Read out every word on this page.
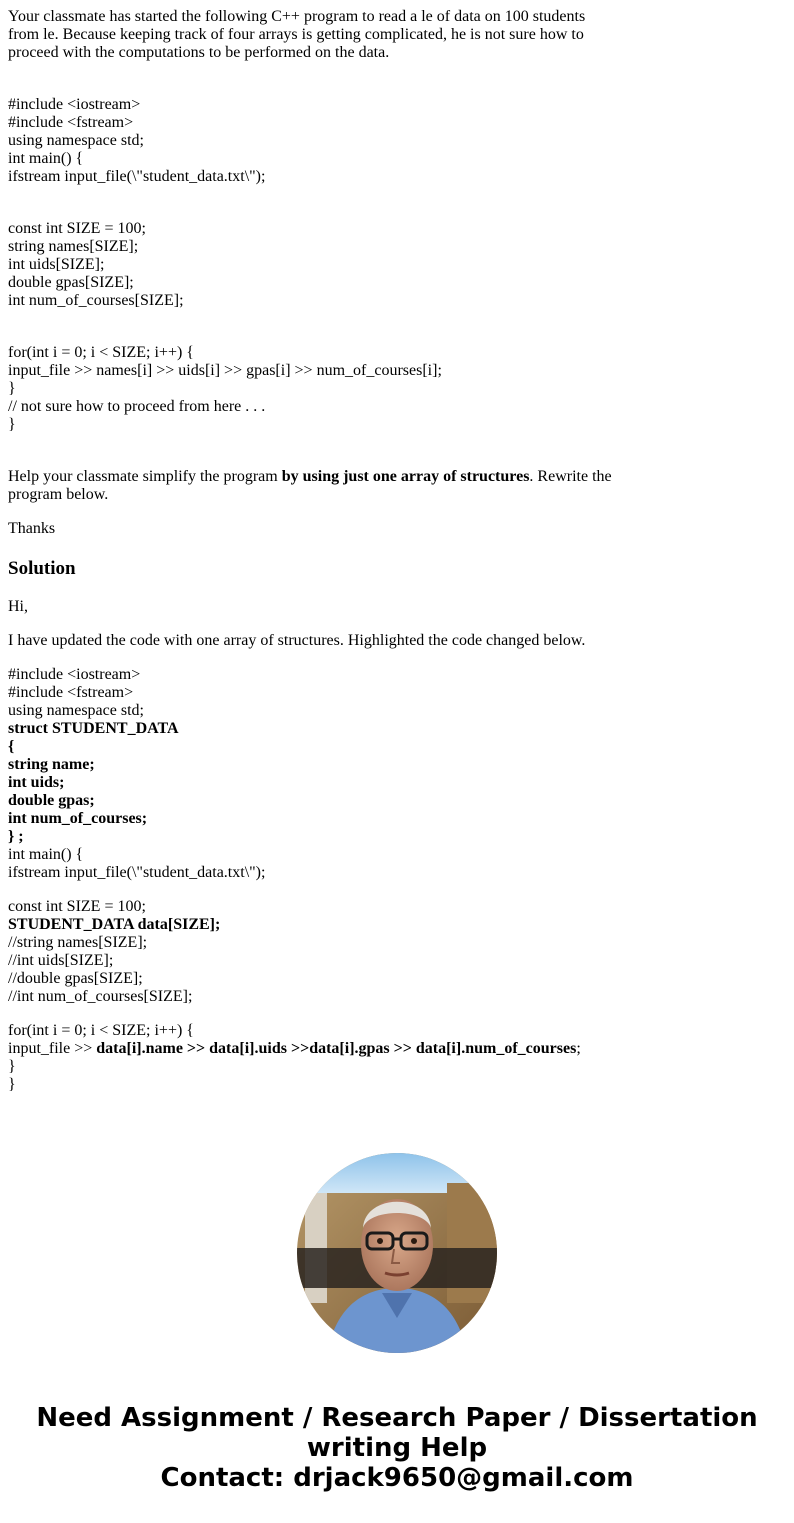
Your classmate has started the following C++ program to read a le of data on 100 students
from le. Because keeping track of four arrays is getting complicated, he is not sure how to
proceed with the computations to be performed on the data.
#include <iostream>
#include <fstream>
using namespace std;
int main() {
ifstream input_file(\"student_data.txt\");
const int SIZE = 100;
string names[SIZE];
int uids[SIZE];
double gpas[SIZE];
int num_of_courses[SIZE];
for(int i = 0; i < SIZE; i++) {
input_file >> names[i] >> uids[i] >> gpas[i] >> num_of_courses[i];
}
// not sure how to proceed from here . . .
}
Help your classmate simplify the program by using just one array of structures. Rewrite the
program below.
Thanks
Solution
Hi,
I have updated the code with one array of structures. Highlighted the code changed below.
#include <iostream>
#include <fstream>
using namespace std;
struct STUDENT_DATA
{
string name;
int uids;
double gpas;
int num_of_courses;
} ;
int main() {
ifstream input_file(\"student_data.txt\");
const int SIZE = 100;
STUDENT_DATA data[SIZE];
//string names[SIZE];
//int uids[SIZE];
//double gpas[SIZE];
//int num_of_courses[SIZE];
for(int i = 0; i < SIZE; i++) {
input_file >> data[i].name >> data[i].uids >>data[i].gpas >> data[i].num_of_courses;
}
}
Need Assignment / Research Paper / Dissertation
writing Help
Contact: drjack9650@gmail.com
